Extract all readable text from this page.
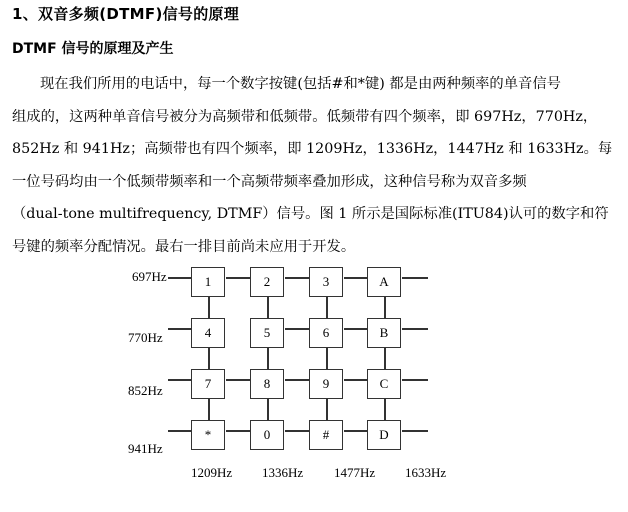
1、双音多频(DTMF)信号的原理
DTMF 信号的原理及产生
现在我们所用的电话中，每一个数字按键(包括#和*键) 都是由两种频率的单音信号
组成的，这两种单音信号被分为高频带和低频带。低频带有四个频率，即 697Hz，770Hz，
852Hz 和 941Hz；高频带也有四个频率，即 1209Hz，1336Hz，1447Hz 和 1633Hz。每
一位号码均由一个低频带频率和一个高频带频率叠加形成，这种信号称为双音多频
（dual-tone multifrequency, DTMF）信号。图 1 所示是国际标准(ITU84)认可的数字和符
号键的频率分配情况。最右一排目前尚未应用于开发。
697Hz
770Hz
852Hz
941Hz
1209Hz 1336Hz 1477Hz 1633Hz
1	2	3	A
4	5	6	B
7	8	9	C
*	0	#	D
